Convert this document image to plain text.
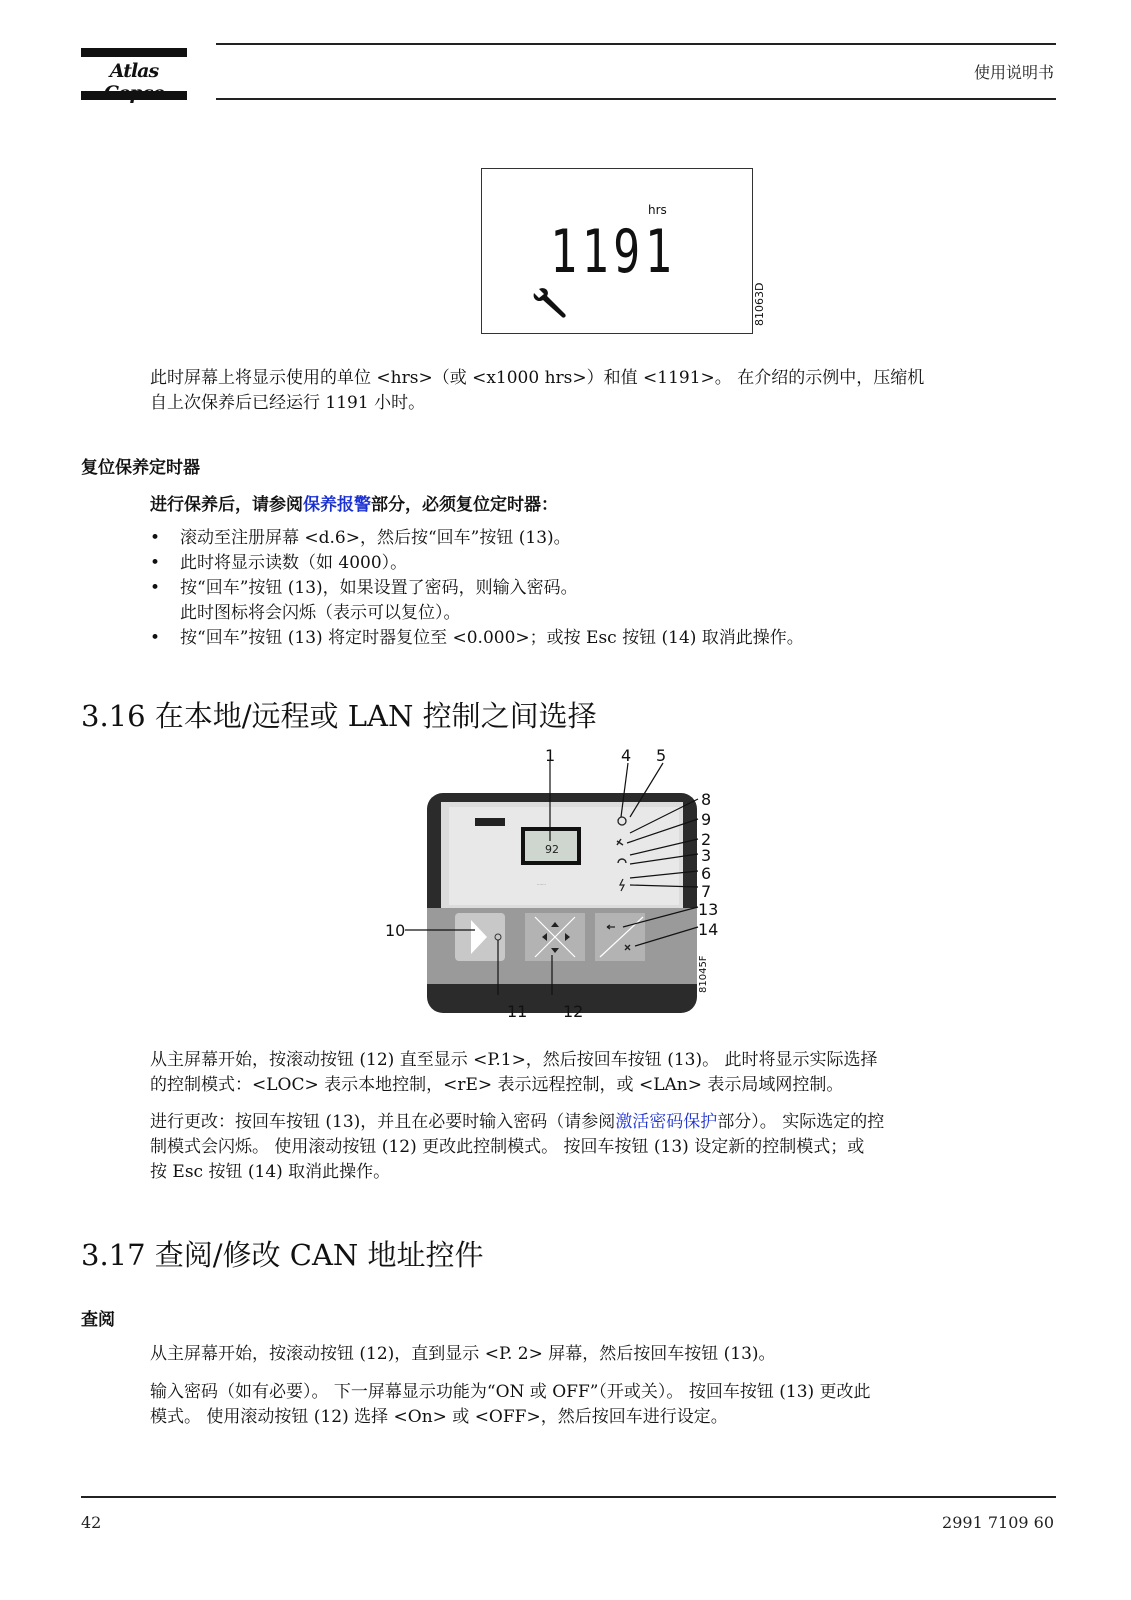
Atlas	使用说明书
hrs
1191
81063D
此时屏幕上将显示使用的单位 <hrs>（或 <x1000 hrs>）和值 <1191>。 在介绍的示例中，压缩机
自上次保养后已经运行 1191 小时。
复位保养定时器
进行保养后，请参阅保养报警部分，必须复位定时器：
• 滚动至注册屏幕 <d.6>，然后按“回车”按钮 (13)。
• 此时将显示读数（如 4000）。
• 按“回车”按钮 (13)，如果设置了密码，则输入密码。
此时图标将会闪烁（表示可以复位）。
• 按“回车”按钮 (13) 将定时器复位至 <0.000>；或按 Esc 按钮 (14) 取消此操作。
3.16 在本地/远程或 LAN 控制之间选择
92
·······
81045F
1	4 5
8
9
2
3
6
7
13
14
10
11 12
从主屏幕开始，按滚动按钮 (12) 直至显示 <P.1>，然后按回车按钮 (13)。 此时将显示实际选择
的控制模式：<LOC> 表示本地控制，<rE> 表示远程控制，或 <LAn> 表示局域网控制。
进行更改：按回车按钮 (13)，并且在必要时输入密码（请参阅激活密码保护部分）。 实际选定的控
制模式会闪烁。 使用滚动按钮 (12) 更改此控制模式。 按回车按钮 (13) 设定新的控制模式；或
按 Esc 按钮 (14) 取消此操作。
3.17 查阅/修改 CAN 地址控件
查阅
从主屏幕开始，按滚动按钮 (12)，直到显示 <P. 2> 屏幕，然后按回车按钮 (13)。
输入密码（如有必要）。 下一屏幕显示功能为“ON 或 OFF”（开或关）。 按回车按钮 (13) 更改此
模式。 使用滚动按钮 (12) 选择 <On> 或 <OFF>，然后按回车进行设定。
42	2991 7109 60
